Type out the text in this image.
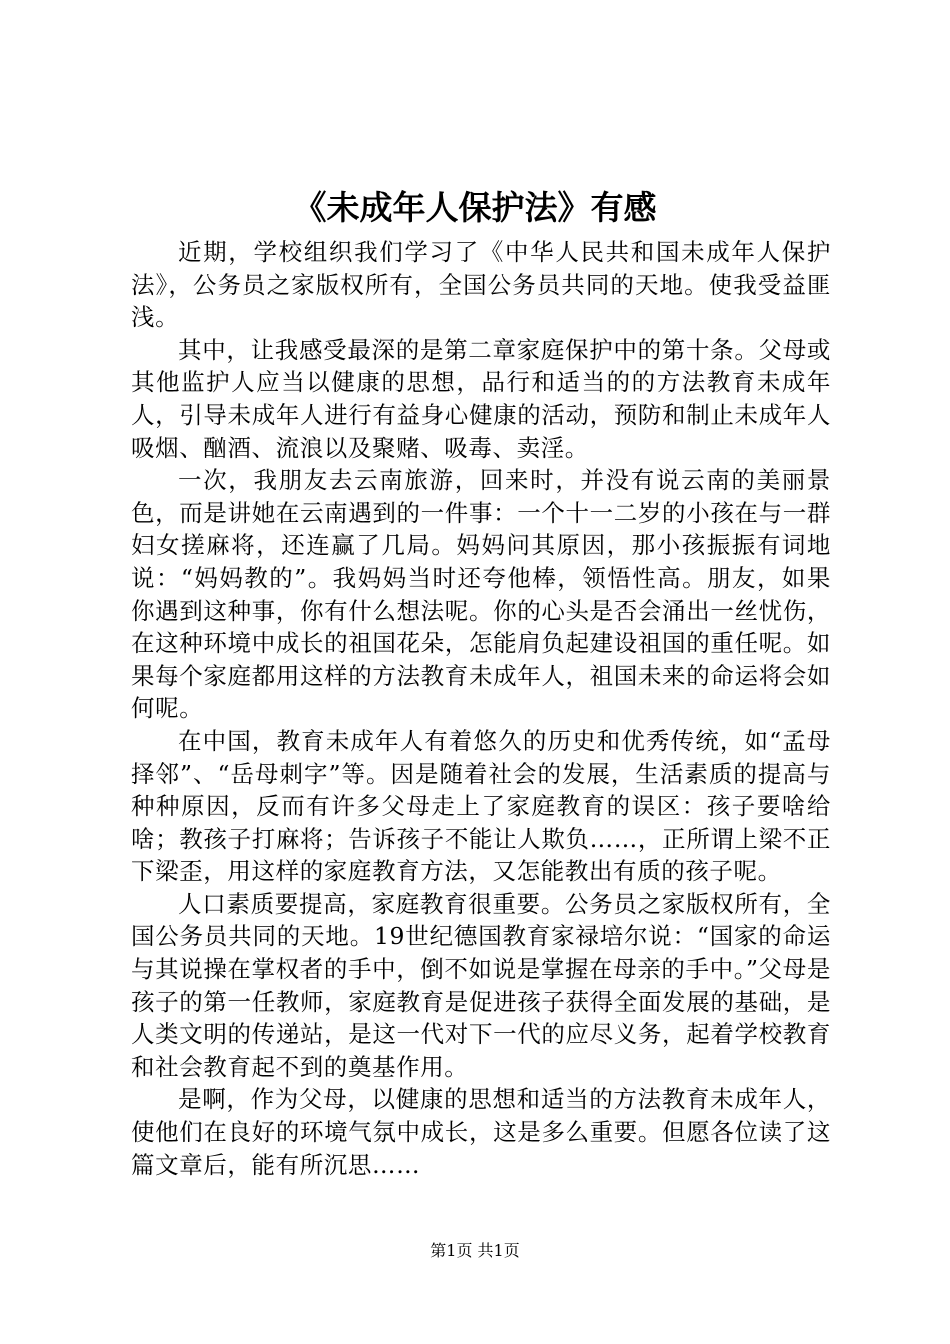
《未成年人保护法》有感

近期，学校组织我们学习了《中华人民共和国未成年人保护法》，公务员之家版权所有，全国公务员共同的天地。使我受益匪浅。

其中，让我感受最深的是第二章家庭保护中的第十条。父母或其他监护人应当以健康的思想，品行和适当的的方法教育未成年人，引导未成年人进行有益身心健康的活动，预防和制止未成年人吸烟、酗酒、流浪以及聚赌、吸毒、卖淫。

一次，我朋友去云南旅游，回来时，并没有说云南的美丽景色，而是讲她在云南遇到的一件事：一个十一二岁的小孩在与一群妇女搓麻将，还连赢了几局。妈妈问其原因，那小孩振振有词地说：“妈妈教的”。我妈妈当时还夸他棒，领悟性高。朋友，如果你遇到这种事，你有什么想法呢。你的心头是否会涌出一丝忧伤，在这种环境中成长的祖国花朵，怎能肩负起建设祖国的重任呢。如果每个家庭都用这样的方法教育未成年人，祖国未来的命运将会如何呢。

在中国，教育未成年人有着悠久的历史和优秀传统，如“孟母择邻”、“岳母刺字”等。因是随着社会的发展，生活素质的提高与种种原因，反而有许多父母走上了家庭教育的误区：孩子要啥给啥；教孩子打麻将；告诉孩子不能让人欺负……，正所谓上梁不正下梁歪，用这样的家庭教育方法，又怎能教出有质的孩子呢。

人口素质要提高，家庭教育很重要。公务员之家版权所有，全国公务员共同的天地。19世纪德国教育家禄培尔说：“国家的命运与其说操在掌权者的手中，倒不如说是掌握在母亲的手中。”父母是孩子的第一任教师，家庭教育是促进孩子获得全面发展的基础，是人类文明的传递站，是这一代对下一代的应尽义务，起着学校教育和社会教育起不到的奠基作用。

是啊，作为父母，以健康的思想和适当的方法教育未成年人，使他们在良好的环境气氛中成长，这是多么重要。但愿各位读了这篇文章后，能有所沉思……

第1页 共1页
